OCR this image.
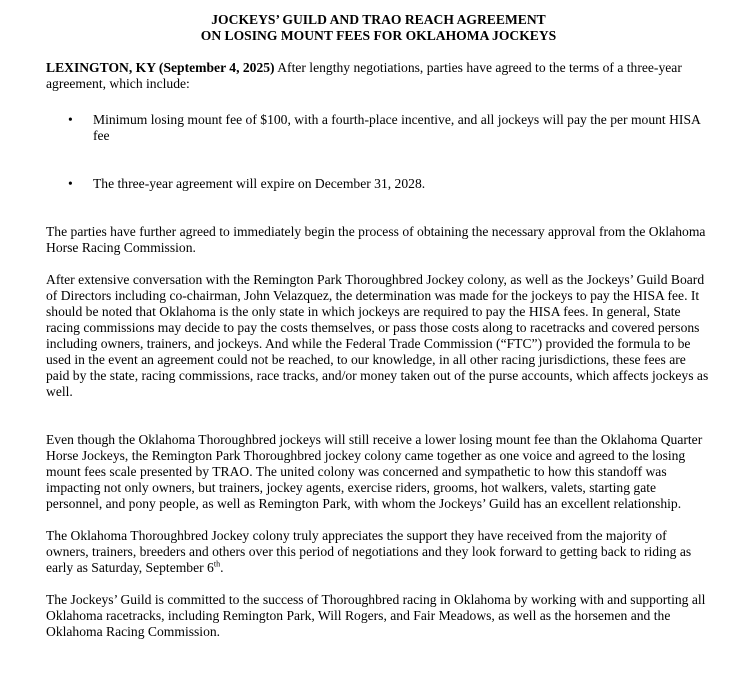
JOCKEYS’ GUILD AND TRAO REACH AGREEMENT
ON LOSING MOUNT FEES FOR OKLAHOMA JOCKEYS

LEXINGTON, KY (September 4, 2025) After lengthy negotiations, parties have agreed to the terms of a three-year agreement, which include:

• Minimum losing mount fee of $100, with a fourth-place incentive, and all jockeys will pay the per mount HISA fee
• The three-year agreement will expire on December 31, 2028.

The parties have further agreed to immediately begin the process of obtaining the necessary approval from the Oklahoma Horse Racing Commission.

After extensive conversation with the Remington Park Thoroughbred Jockey colony, as well as the Jockeys’ Guild Board of Directors including co-chairman, John Velazquez, the determination was made for the jockeys to pay the HISA fee. It should be noted that Oklahoma is the only state in which jockeys are required to pay the HISA fees. In general, State racing commissions may decide to pay the costs themselves, or pass those costs along to racetracks and covered persons including owners, trainers, and jockeys. And while the Federal Trade Commission (“FTC”) provided the formula to be used in the event an agreement could not be reached, to our knowledge, in all other racing jurisdictions, these fees are paid by the state, racing commissions, race tracks, and/or money taken out of the purse accounts, which affects jockeys as well.

Even though the Oklahoma Thoroughbred jockeys will still receive a lower losing mount fee than the Oklahoma Quarter Horse Jockeys, the Remington Park Thoroughbred jockey colony came together as one voice and agreed to the losing mount fees scale presented by TRAO. The united colony was concerned and sympathetic to how this standoff was impacting not only owners, but trainers, jockey agents, exercise riders, grooms, hot walkers, valets, starting gate personnel, and pony people, as well as Remington Park, with whom the Jockeys’ Guild has an excellent relationship.

The Oklahoma Thoroughbred Jockey colony truly appreciates the support they have received from the majority of owners, trainers, breeders and others over this period of negotiations and they look forward to getting back to riding as early as Saturday, September 6th.

The Jockeys’ Guild is committed to the success of Thoroughbred racing in Oklahoma by working with and supporting all Oklahoma racetracks, including Remington Park, Will Rogers, and Fair Meadows, as well as the horsemen and the Oklahoma Racing Commission.
